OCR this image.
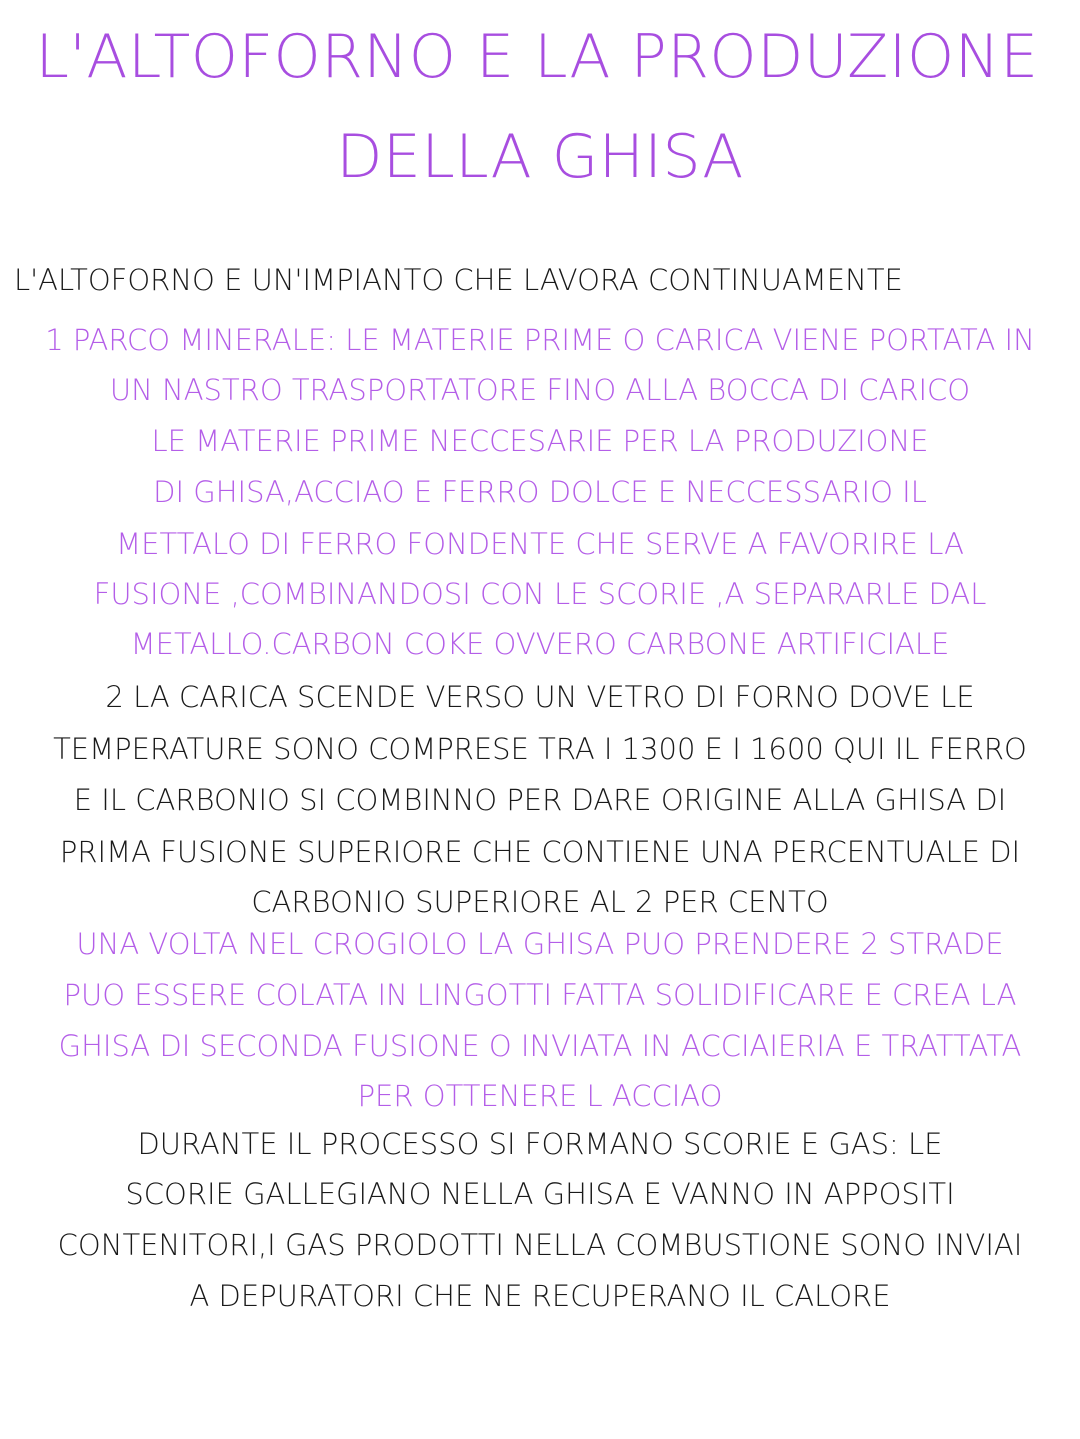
L'ALTOFORNO E LA PRODUZIONE
DELLA GHISA
L'ALTOFORNO E UN'IMPIANTO CHE LAVORA CONTINUAMENTE
1 PARCO MINERALE: LE MATERIE PRIME O CARICA VIENE PORTATA IN
UN NASTRO TRASPORTATORE FINO ALLA BOCCA DI CARICO
LE MATERIE PRIME NECCESARIE PER LA PRODUZIONE
DI GHISA,ACCIAO E FERRO DOLCE E NECCESSARIO IL
METTALO DI FERRO FONDENTE CHE SERVE A FAVORIRE LA
FUSIONE ,COMBINANDOSI CON LE SCORIE ,A SEPARARLE DAL
METALLO.CARBON COKE OVVERO CARBONE ARTIFICIALE
2 LA CARICA SCENDE VERSO UN VETRO DI FORNO DOVE LE
TEMPERATURE SONO COMPRESE TRA I 1300 E I 1600 QUI IL FERRO
E IL CARBONIO SI COMBINNO PER DARE ORIGINE ALLA GHISA DI
PRIMA FUSIONE SUPERIORE CHE CONTIENE UNA PERCENTUALE DI
CARBONIO SUPERIORE AL 2 PER CENTO
UNA VOLTA NEL CROGIOLO LA GHISA PUO PRENDERE 2 STRADE
PUO ESSERE COLATA IN LINGOTTI FATTA SOLIDIFICARE E CREA LA
GHISA DI SECONDA FUSIONE O INVIATA IN ACCIAIERIA E TRATTATA
PER OTTENERE L ACCIAO
DURANTE IL PROCESSO SI FORMANO SCORIE E GAS: LE
SCORIE GALLEGIANO NELLA GHISA E VANNO IN APPOSITI
CONTENITORI,I GAS PRODOTTI NELLA COMBUSTIONE SONO INVIAI
A DEPURATORI CHE NE RECUPERANO IL CALORE
